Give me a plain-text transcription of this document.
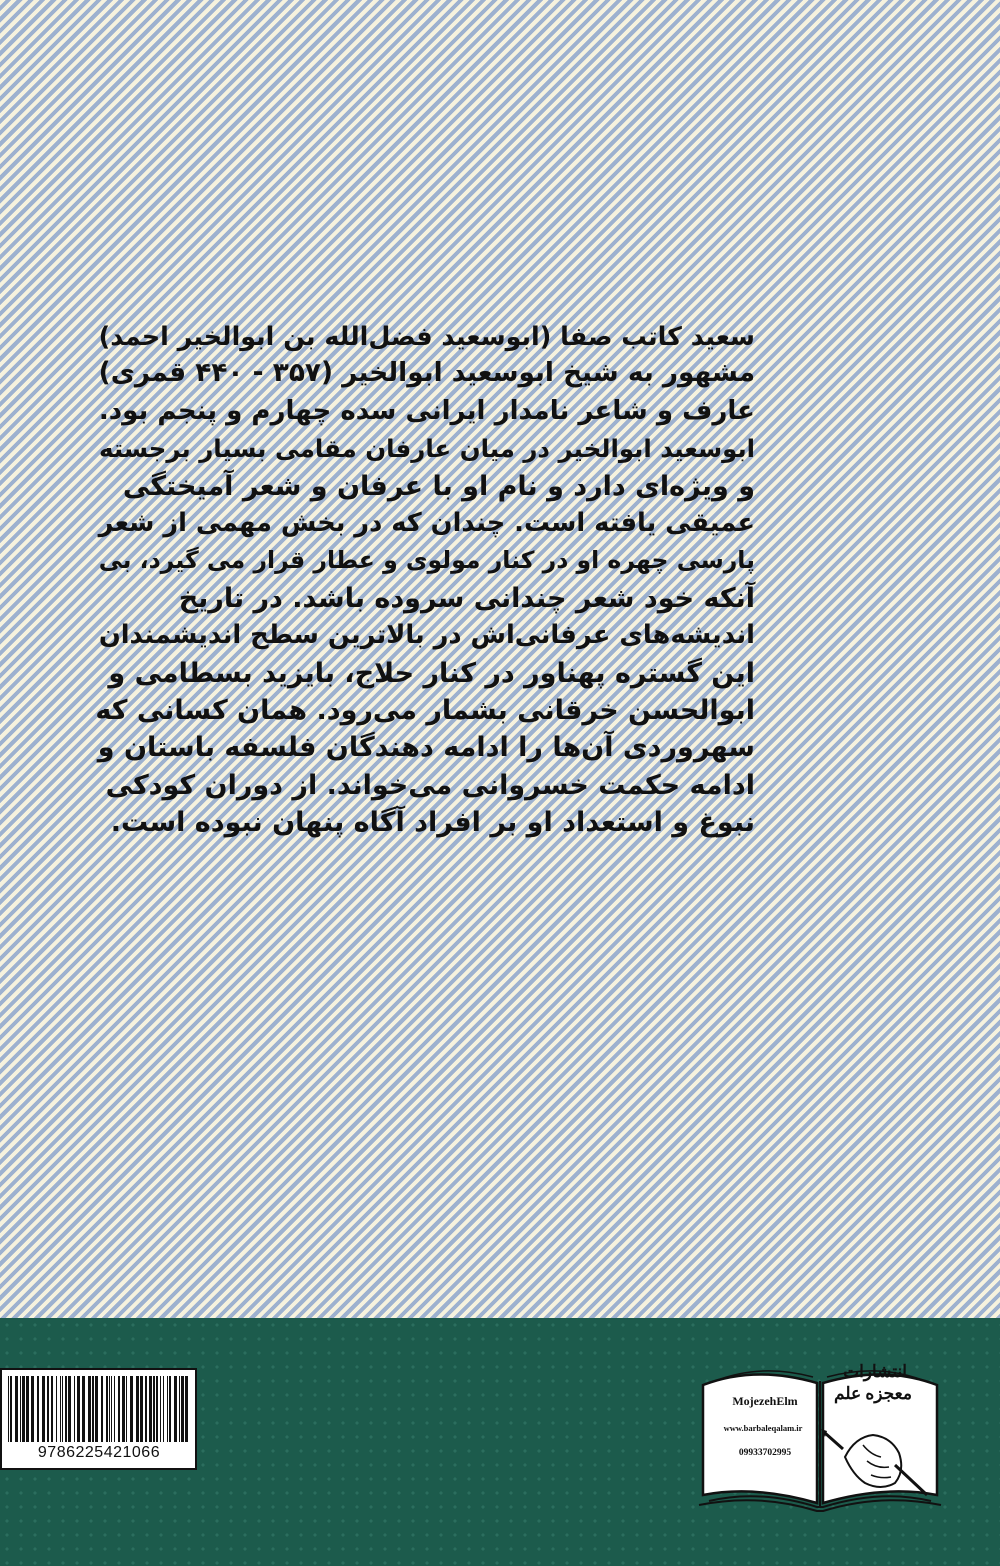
سعید کاتب صفا (ابوسعید فضل‌الله بن ابوالخیر احمد)
مشهور به شیخ ابوسعید ابوالخیر (۳۵۷ - ۴۴۰ قمری)
عارف و شاعر نامدار ایرانی سده چهارم و پنجم بود.
ابوسعید ابوالخیر در میان عارفان مقامی بسیار برجسته
و ویژه‌ای دارد و نام او با عرفان و شعر آمیختگی
عمیقی یافته است. چندان که در بخش مهمی از شعر
پارسی چهره او در کنار مولوی و عطار قرار می گیرد، بی
آنکه خود شعر چندانی سروده باشد. در تاریخ
اندیشه‌های عرفانی‌اش در بالاترین سطح اندیشمندان
این گستره پهناور در کنار حلاج، بایزید بسطامی و
ابوالحسن خرقانی بشمار می‌رود. همان کسانی که
سهروردی آن‌ها را ادامه دهندگان فلسفه باستان و
ادامه حکمت خسروانی می‌خواند. از دوران کودکی
نبوغ و استعداد او بر افراد آگاه پنهان نبوده است.
9786225421066
انتشارات
معجزه علم
MojezehElm
www.barbaleqalam.ir
09933702995
